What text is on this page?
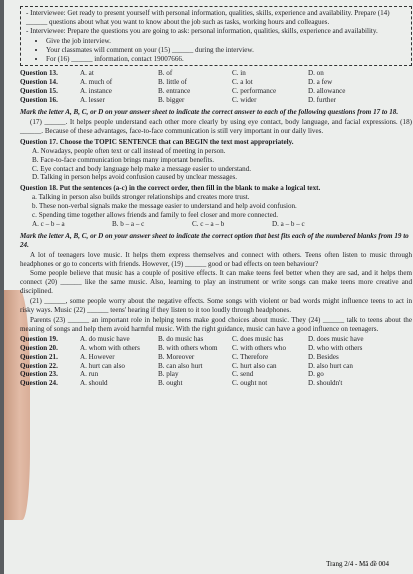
- Interviewee: Get ready to present yourself with personal information, qualities, skills, experience and availability. Prepare (14) ______ questions about what you want to know about the job such as tasks, working hours and colleagues.

- Interviewee: Prepare the questions you are going to ask: personal information, qualities, skills, experience and availability.

• Give the job interview.
• Your classmates will comment on your (15) ______ during the interview.
• For (16) ______ information, contact 19007666.
Question 13.	A. at	B. of	C. in	D. on
Question 14.	A. much of	B. little of	C. a lot	D. a few
Question 15.	A. instance	B. entrance	C. performance	D. allowance
Question 16.	A. lesser	B. bigger	C. wider	D. further

Mark the letter A, B, C, or D on your answer sheet to indicate the correct answer to each of the following questions from 17 to 18.

(17) ______. It helps people understand each other more clearly by using eye contact, body language, and facial expressions. (18) ______. Because of these advantages, face-to-face communication is still very important in our daily lives.

Question 17. Choose the TOPIC SENTENCE that can BEGIN the text most appropriately.

A. Nowadays, people often text or call instead of meeting in person.

B. Face-to-face communication brings many important benefits.

C. Eye contact and body language help make a message easier to understand.

D. Talking in person helps avoid confusion caused by unclear messages.

Question 18. Put the sentences (a-c) in the correct order, then fill in the blank to make a logical text.

a. Talking in person also builds stronger relationships and creates more trust.

b. These non-verbal signals make the message easier to understand and help avoid confusion.

c. Spending time together allows friends and family to feel closer and more connected.

A. c – b – a	B. b – a – c	C. c – a – b	D. a – b – c

Mark the letter A, B, C, or D on your answer sheet to indicate the correct option that best fits each of the numbered blanks from 19 to 24.

A lot of teenagers love music. It helps them express themselves and connect with others. Teens often listen to music through headphones or go to concerts with friends. However, (19) ______ good or bad effects on teen behaviour?

Some people believe that music has a couple of positive effects. It can make teens feel better when they are sad, and it helps them connect (20) ______ like the same music. Also, learning to play an instrument or write songs can make teens more creative and disciplined.

(21) ______, some people worry about the negative effects. Some songs with violent or bad words might influence teens to act in risky ways. Music (22) ______ teens' hearing if they listen to it too loudly through headphones.

Parents (23) ______ an important role in helping teens make good choices about music. They (24) ______ talk to teens about the meaning of songs and help them avoid harmful music. With the right guidance, music can have a good influence on teenagers.

Question 19.	A. do music have	B. do music has	C. does music has	D. does music have
Question 20.	A. whom with others	B. with others whom	C. with others who	D. who with others
Question 21.	A. However	B. Moreover	C. Therefore	D. Besides
Question 22.	A. hurt can also	B. can also hurt	C. hurt also can	D. also hurt can
Question 23.	A. run	B. play	C. send	D. go
Question 24.	A. should	B. ought	C. ought not	D. shouldn't
Trang 2/4 - Mã đề 004
